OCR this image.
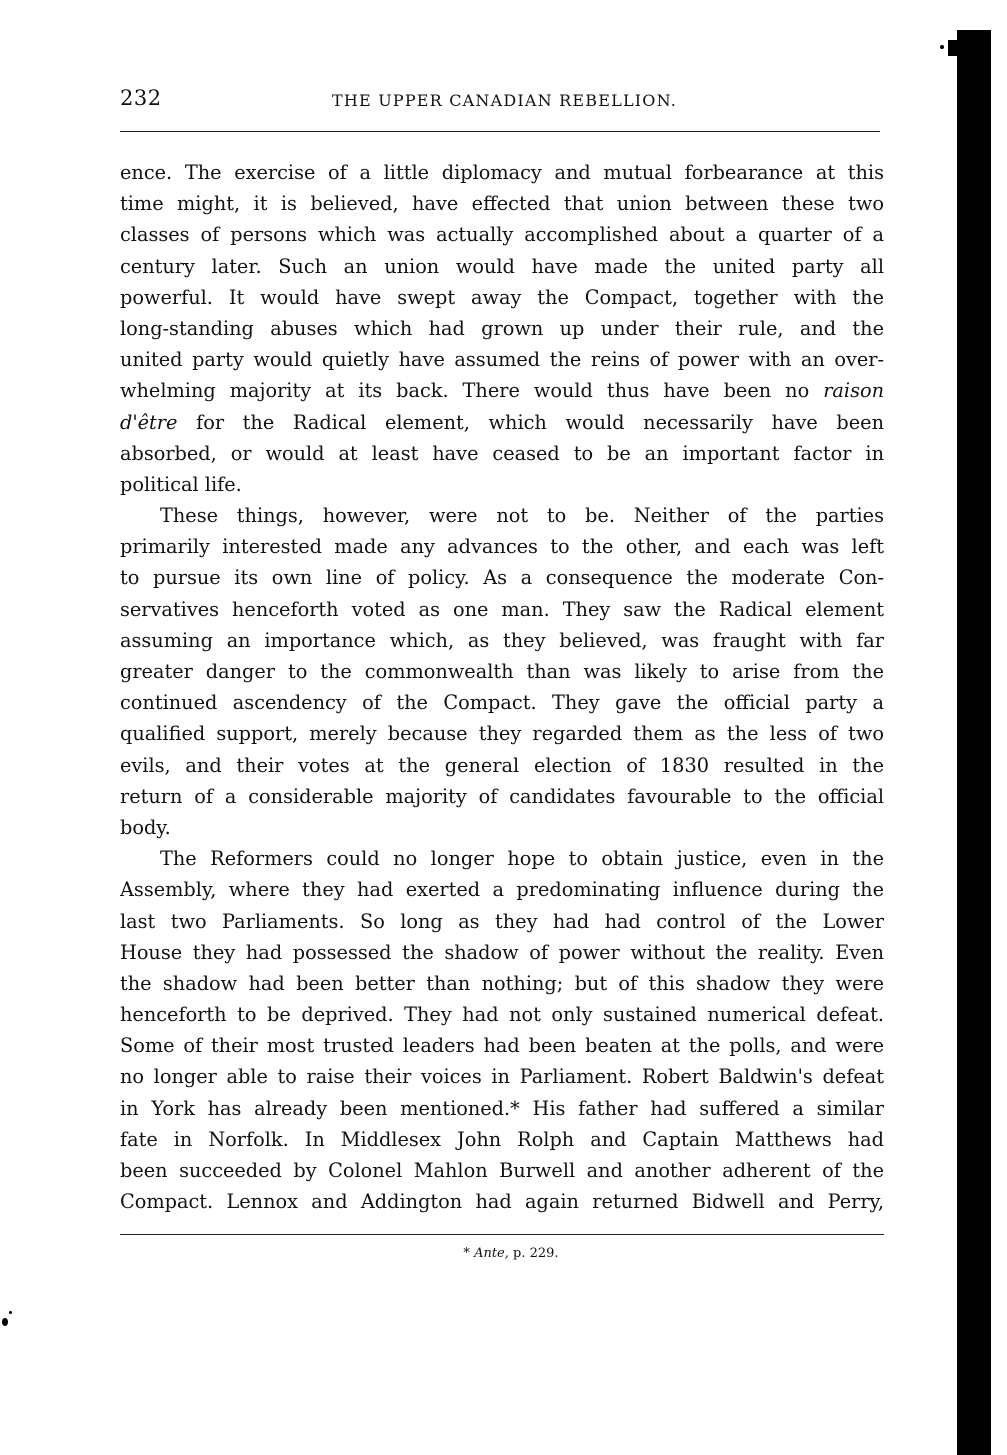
232	THE UPPER CANADIAN REBELLION.
ence. The exercise of a little diplomacy and mutual forbearance at this
time might, it is believed, have effected that union between these two
classes of persons which was actually accomplished about a quarter of a
century later. Such an union would have made the united party all
powerful. It would have swept away the Compact, together with the
long-standing abuses which had grown up under their rule, and the
united party would quietly have assumed the reins of power with an over-
whelming majority at its back. There would thus have been no raison
d'être for the Radical element, which would necessarily have been
absorbed, or would at least have ceased to be an important factor in
political life.
These things, however, were not to be. Neither of the parties
primarily interested made any advances to the other, and each was left
to pursue its own line of policy. As a consequence the moderate Con-
servatives henceforth voted as one man. They saw the Radical element
assuming an importance which, as they believed, was fraught with far
greater danger to the commonwealth than was likely to arise from the
continued ascendency of the Compact. They gave the official party a
qualified support, merely because they regarded them as the less of two
evils, and their votes at the general election of 1830 resulted in the
return of a considerable majority of candidates favourable to the official
body.
The Reformers could no longer hope to obtain justice, even in the
Assembly, where they had exerted a predominating influence during the
last two Parliaments. So long as they had had control of the Lower
House they had possessed the shadow of power without the reality. Even
the shadow had been better than nothing; but of this shadow they were
henceforth to be deprived. They had not only sustained numerical defeat.
Some of their most trusted leaders had been beaten at the polls, and were
no longer able to raise their voices in Parliament. Robert Baldwin's defeat
in York has already been mentioned.* His father had suffered a similar
fate in Norfolk. In Middlesex John Rolph and Captain Matthews had
been succeeded by Colonel Mahlon Burwell and another adherent of the
Compact. Lennox and Addington had again returned Bidwell and Perry,
* Ante, p. 229.
